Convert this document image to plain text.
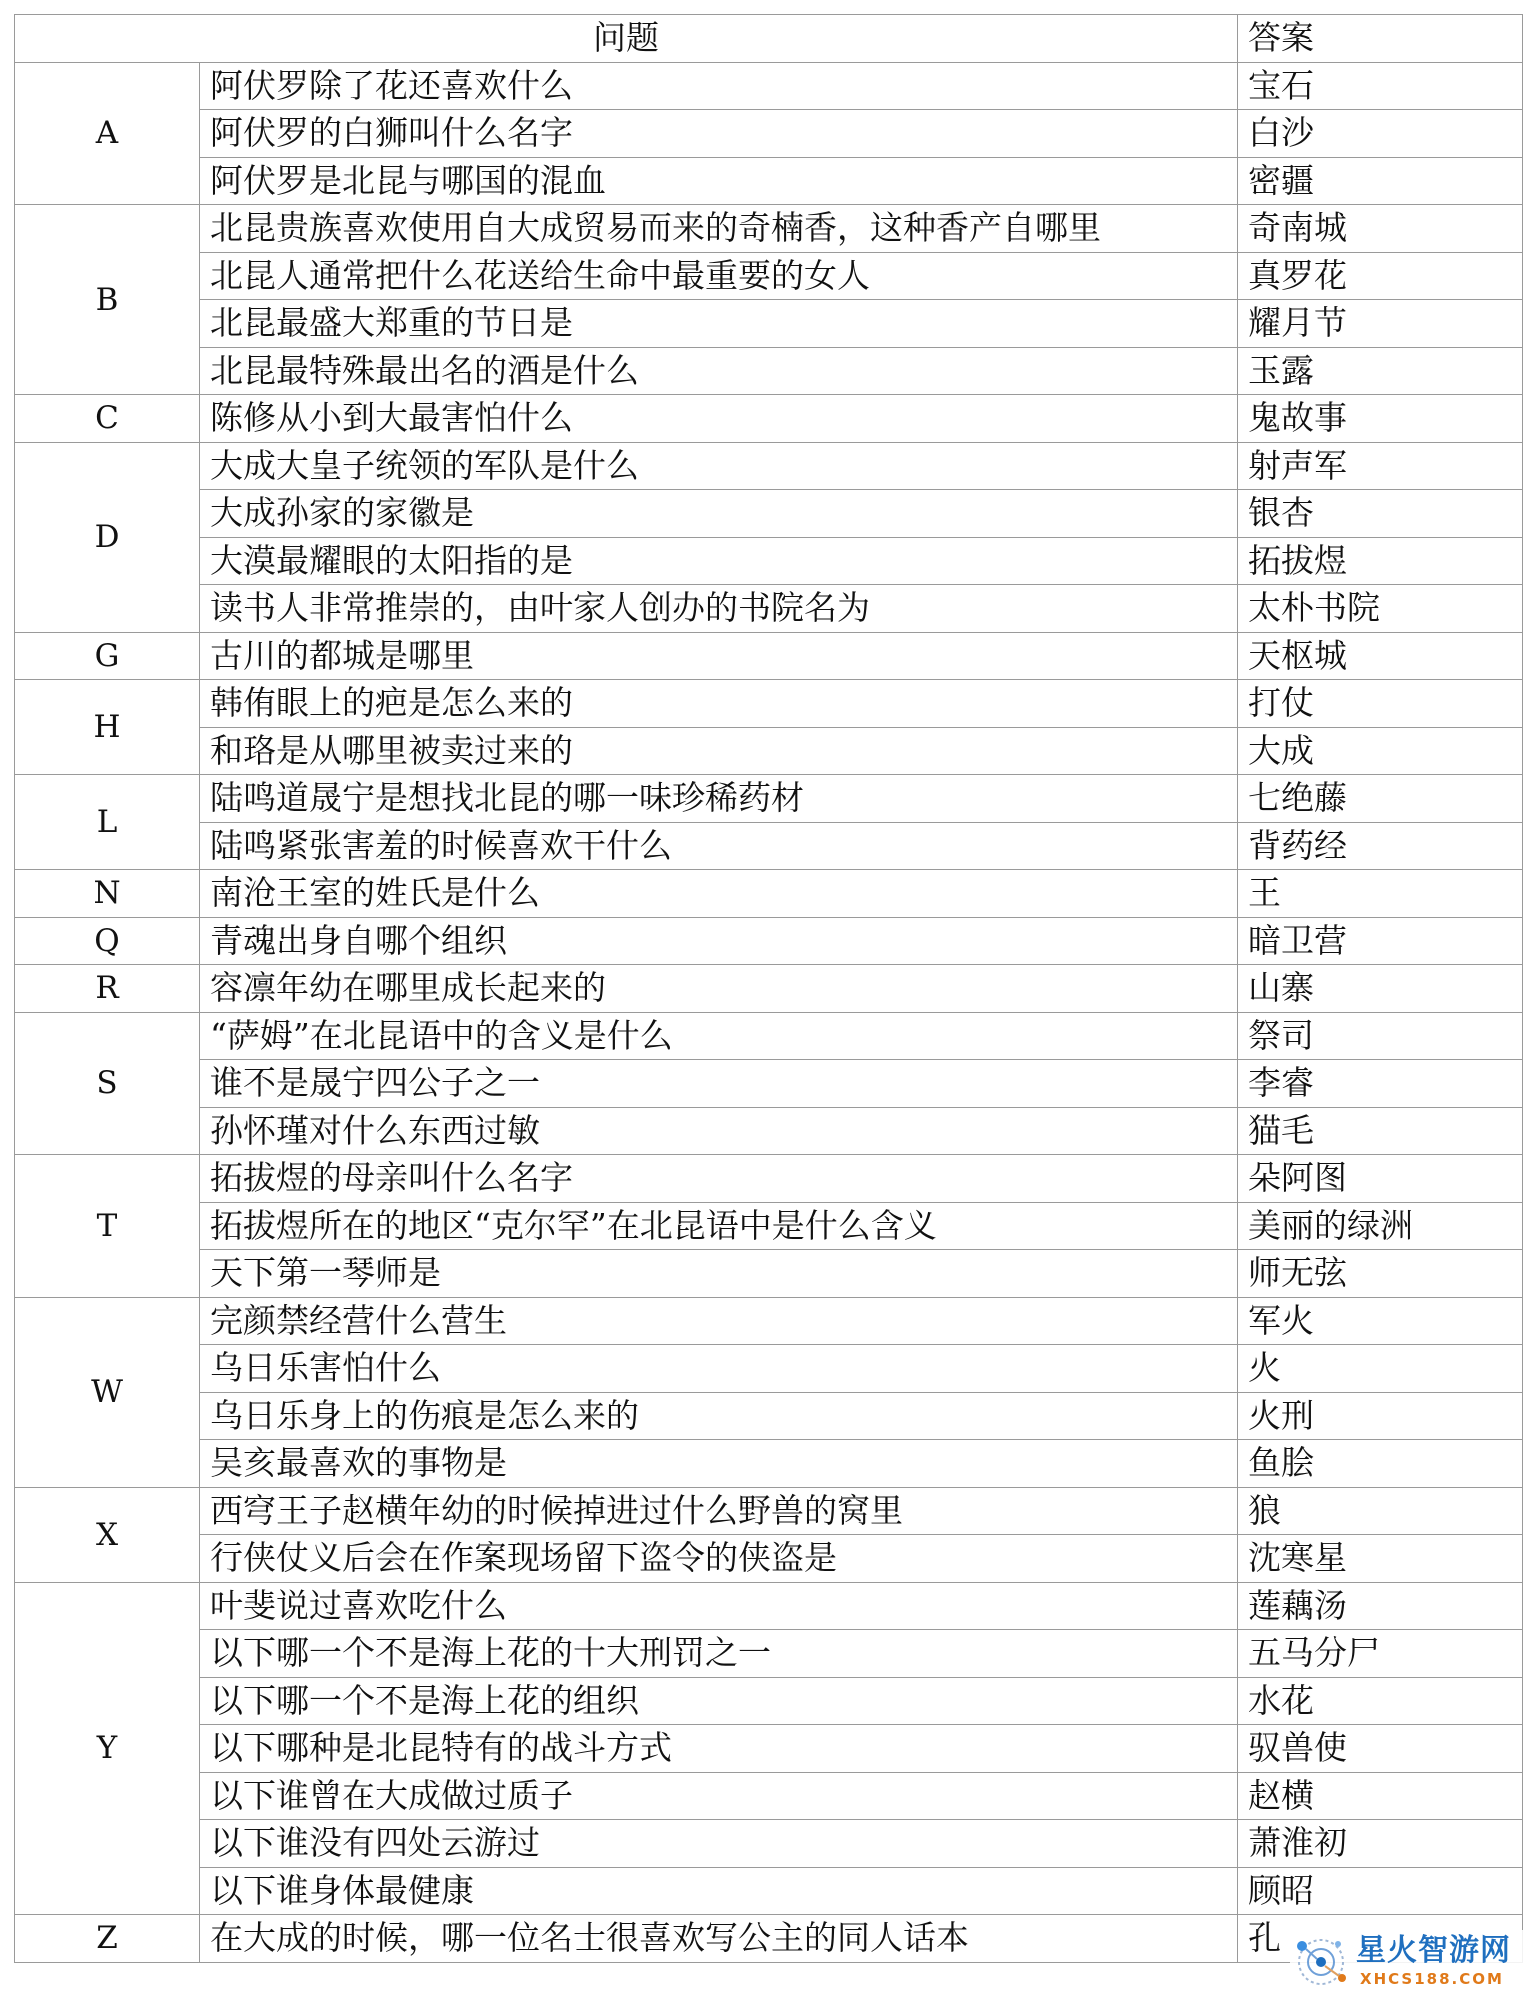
问题		答案
A	阿伏罗除了花还喜欢什么	宝石
	阿伏罗的白狮叫什么名字	白沙
	阿伏罗是北昆与哪国的混血	密疆
B	北昆贵族喜欢使用自大成贸易而来的奇楠香，这种香产自哪里	奇南城
	北昆人通常把什么花送给生命中最重要的女人	真罗花
	北昆最盛大郑重的节日是	耀月节
	北昆最特殊最出名的酒是什么	玉露
C	陈修从小到大最害怕什么	鬼故事
D	大成大皇子统领的军队是什么	射声军
	大成孙家的家徽是	银杏
	大漠最耀眼的太阳指的是	拓拔煜
	读书人非常推崇的，由叶家人创办的书院名为	太朴书院
G	古川的都城是哪里	天枢城
H	韩侑眼上的疤是怎么来的	打仗
	和珞是从哪里被卖过来的	大成
L	陆鸣道晟宁是想找北昆的哪一味珍稀药材	七绝藤
	陆鸣紧张害羞的时候喜欢干什么	背药经
N	南沧王室的姓氏是什么	王
Q	青魂出身自哪个组织	暗卫营
R	容凛年幼在哪里成长起来的	山寨
S	“萨姆”在北昆语中的含义是什么	祭司
	谁不是晟宁四公子之一	李睿
	孙怀瑾对什么东西过敏	猫毛
T	拓拔煜的母亲叫什么名字	朵阿图
	拓拔煜所在的地区“克尔罕”在北昆语中是什么含义	美丽的绿洲
	天下第一琴师是	师无弦
W	完颜禁经营什么营生	军火
	乌日乐害怕什么	火
	乌日乐身上的伤痕是怎么来的	火刑
	吴亥最喜欢的事物是	鱼脍
X	西穹王子赵横年幼的时候掉进过什么野兽的窝里	狼
	行侠仗义后会在作案现场留下盗令的侠盗是	沈寒星
Y	叶斐说过喜欢吃什么	莲藕汤
	以下哪一个不是海上花的十大刑罚之一	五马分尸
	以下哪一个不是海上花的组织	水花
	以下哪种是北昆特有的战斗方式	驭兽使
	以下谁曾在大成做过质子	赵横
	以下谁没有四处云游过	萧淮初
	以下谁身体最健康	顾昭
Z	在大成的时候，哪一位名士很喜欢写公主的同人话本	孔	星火智游网
XHCS188.COM
